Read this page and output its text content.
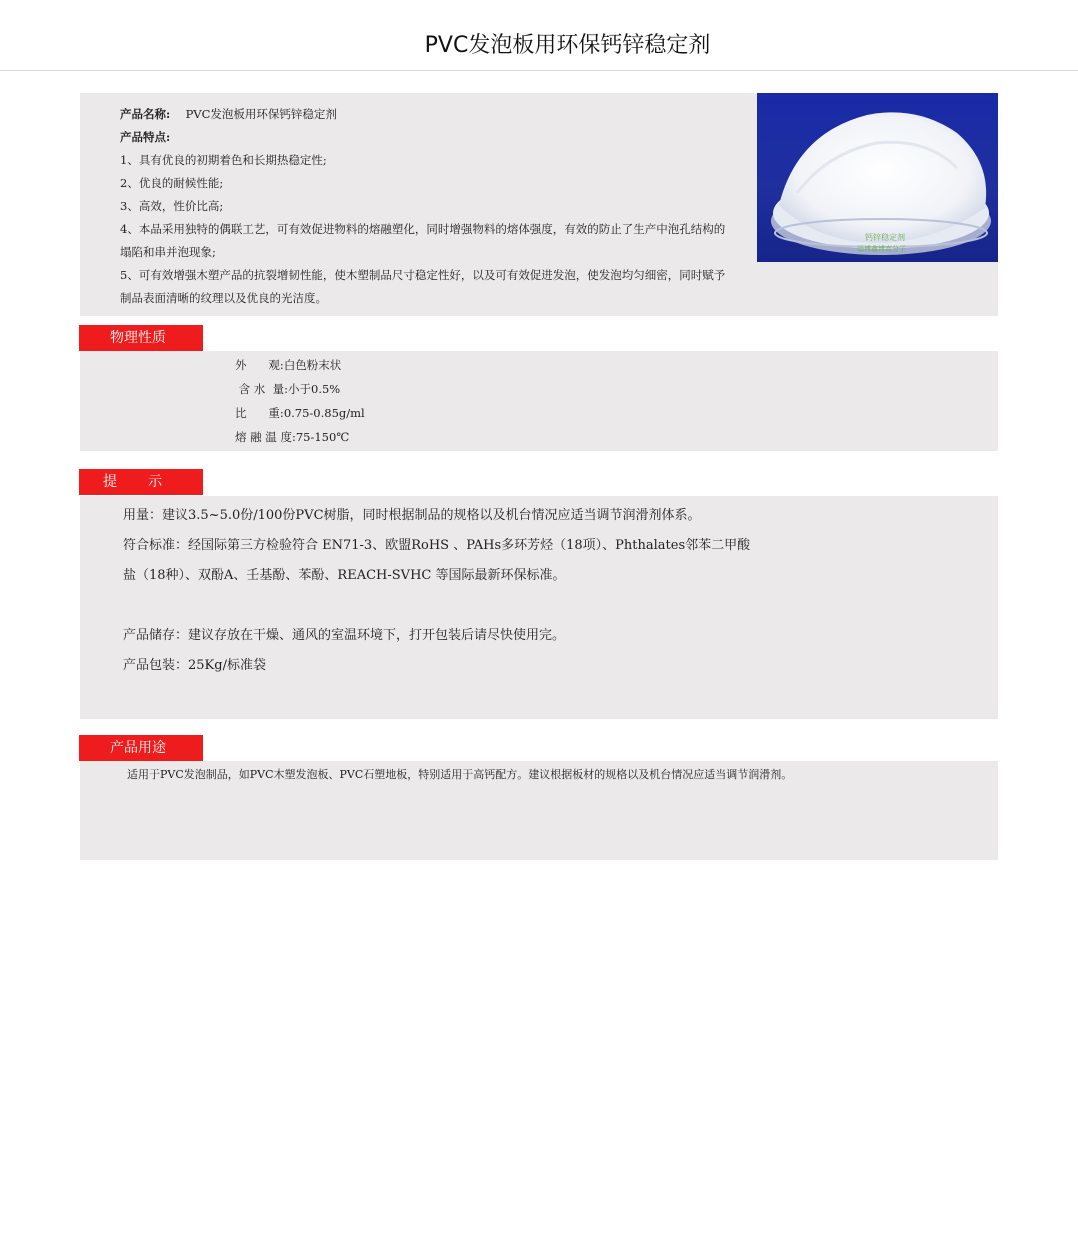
PVC发泡板用环保钙锌稳定剂

产品名称: PVC发泡板用环保钙锌稳定剂

产品特点:

1、具有优良的初期着色和长期热稳定性;

2、优良的耐候性能;

3、高效，性价比高;

4、本品采用独特的偶联工艺，可有效促进物料的熔融塑化，同时增强物料的熔体强度，有效的防止了生产中泡孔结构的塌陷和串并泡现象;

5、可有效增强木塑产品的抗裂增韧性能，使木塑制品尺寸稳定性好，以及可有效促进发泡，使发泡均匀细密，同时赋予制品表面清晰的纹理以及优良的光洁度。

钙锌稳定剂
淄博鑫博高分子
物理性质
外      观:白色粉末状
含 水  量:小于0.5%
比      重:0.75-0.85g/ml
熔 融 温 度:75-150℃
提       示
用量：建议3.5~5.0份/100份PVC树脂，同时根据制品的规格以及机台情况应适当调节润滑剂体系。
符合标准：经国际第三方检验符合 EN71-3、欧盟RoHS 、PAHs多环芳烃（18项）、Phthalates邻苯二甲酸
盐（18种）、双酚A、壬基酚、苯酚、REACH-SVHC 等国际最新环保标准。
产品储存：建议存放在干燥、通风的室温环境下，打开包装后请尽快使用完。
产品包装：25Kg/标准袋
产品用途
适用于PVC发泡制品，如PVC木塑发泡板、PVC石塑地板，特别适用于高钙配方。建议根据板材的规格以及机台情况应适当调节润滑剂。
